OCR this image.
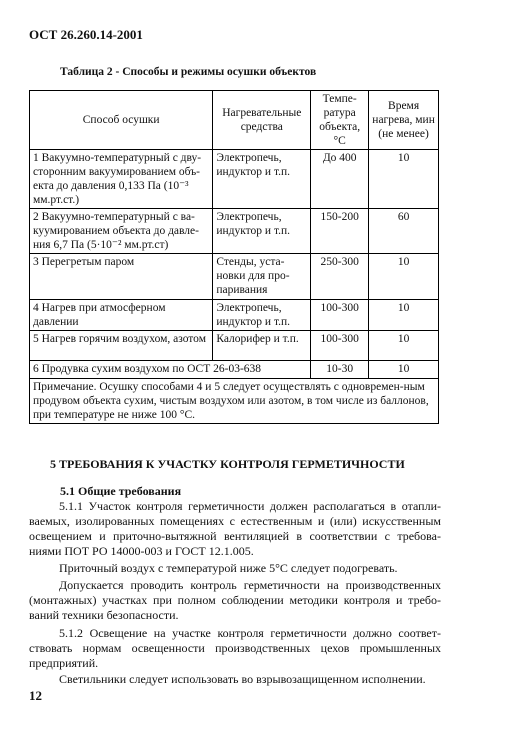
ОСТ 26.260.14-2001
Таблица 2 - Способы и режимы осушки объектов
Способ осушки	Нагревательные средства	Темпе-ратура объекта, °С	Время нагрева, мин (не менее)
1 Вакуумно-температурный с дву-сторонним вакуумированием объ-екта до давления 0,133 Па (10⁻³ мм.рт.ст.)	Электропечь, индуктор и т.п.	До 400	10
2 Вакуумно-температурный с ва-куумированием объекта до давле-ния 6,7 Па (5·10⁻² мм.рт.ст)	Электропечь, индуктор и т.п.	150-200	60
3 Перегретым паром	Стенды, уста-новки для про-паривания	250-300	10
4 Нагрев при атмосферном давлении	Электропечь, индуктор и т.п.	100-300	10
5 Нагрев горячим воздухом, азотом	Калорифер и т.п.	100-300	10
6 Продувка сухим воздухом по ОСТ 26-03-638		10-30	10
Примечание. Осушку способами 4 и 5 следует осуществлять с одновремен-ным продувом объекта сухим, чистым воздухом или азотом, в том числе из баллонов, при температуре не ниже 100 °С.			
5 ТРЕБОВАНИЯ К УЧАСТКУ КОНТРОЛЯ ГЕРМЕТИЧНОСТИ
5.1 Общие требования

5.1.1 Участок контроля герметичности должен располагаться в отапли-ваемых, изолированных помещениях с естественным и (или) искусственным освещением и приточно-вытяжной вентиляцией в соответствии с требова-ниями ПОТ РО 14000-003 и ГОСТ 12.1.005.

Приточный воздух с температурой ниже 5°С следует подогревать.

Допускается проводить контроль герметичности на производственных (монтажных) участках при полном соблюдении методики контроля и требо-ваний техники безопасности.

5.1.2 Освещение на участке контроля герметичности должно соответ-ствовать нормам освещенности производственных цехов промышленных предприятий.

Светильники следует использовать во взрывозащищенном исполнении.

12
